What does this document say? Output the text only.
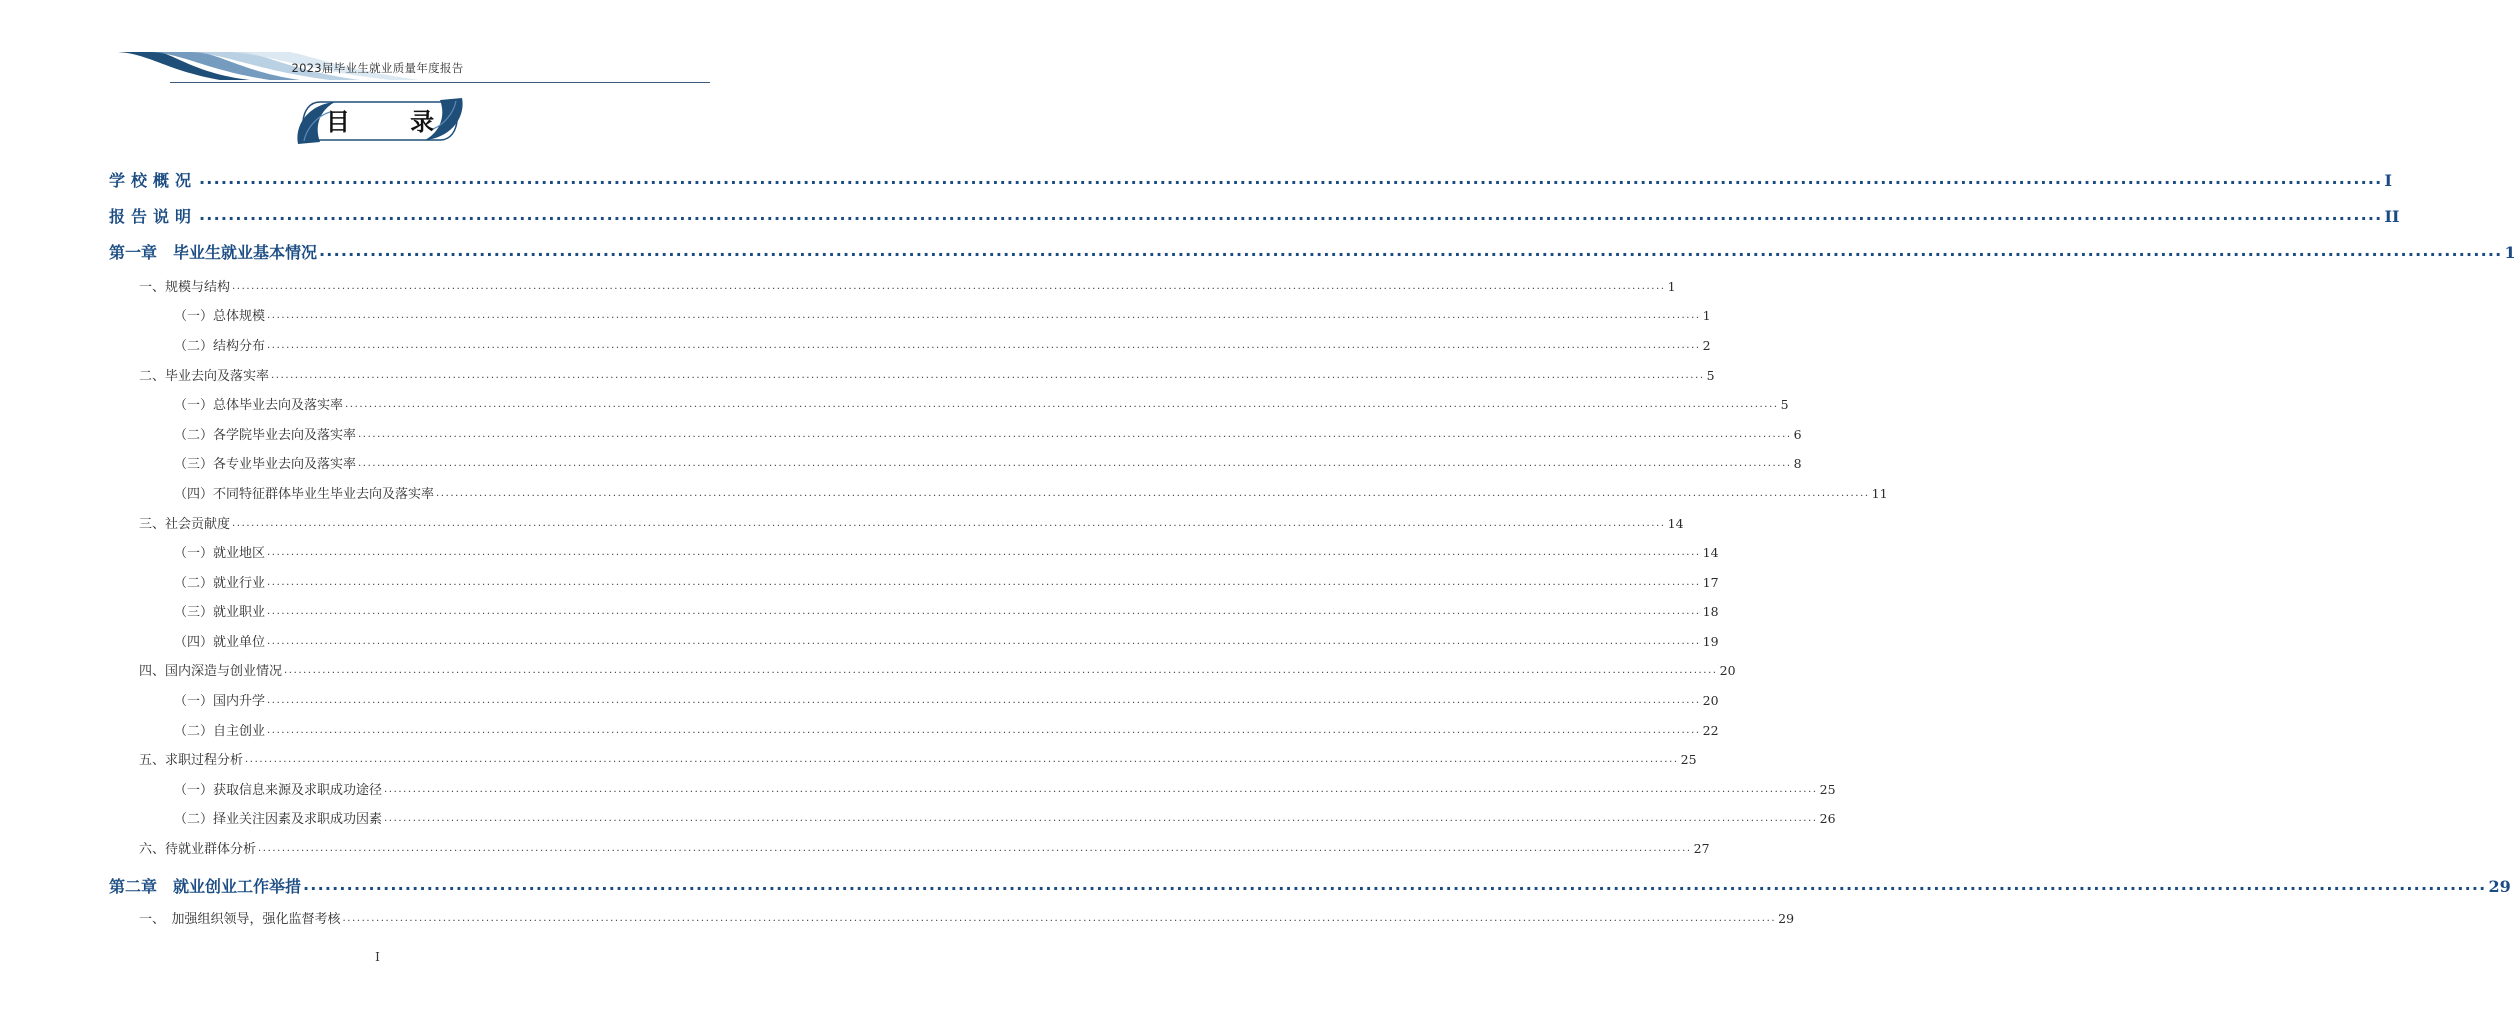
2023届毕业生就业质量年度报告
目 录
学校概况 ............................................................................................................................................................................................................................................................................................................ I
报告说明 ............................................................................................................................................................................................................................................................................................................ II
第一章　毕业生就业基本情况 ............................................................................................................................................................................................................................................................................................................ 1
一、规模与结构 ............................................................................................................................................................................................................................................................................................................ 1
（一）总体规模 ............................................................................................................................................................................................................................................................................................................ 1
（二）结构分布 ............................................................................................................................................................................................................................................................................................................ 2
二、毕业去向及落实率 ............................................................................................................................................................................................................................................................................................................ 5
（一）总体毕业去向及落实率 ............................................................................................................................................................................................................................................................................................................ 5
（二）各学院毕业去向及落实率 ............................................................................................................................................................................................................................................................................................................ 6
（三）各专业毕业去向及落实率 ............................................................................................................................................................................................................................................................................................................ 8
（四）不同特征群体毕业生毕业去向及落实率 ............................................................................................................................................................................................................................................................................................................ 11
三、社会贡献度 ............................................................................................................................................................................................................................................................................................................ 14
（一）就业地区 ............................................................................................................................................................................................................................................................................................................ 14
（二）就业行业 ............................................................................................................................................................................................................................................................................................................ 17
（三）就业职业 ............................................................................................................................................................................................................................................................................................................ 18
（四）就业单位 ............................................................................................................................................................................................................................................................................................................ 19
四、国内深造与创业情况 ............................................................................................................................................................................................................................................................................................................ 20
（一）国内升学 ............................................................................................................................................................................................................................................................................................................ 20
（二）自主创业 ............................................................................................................................................................................................................................................................................................................ 22
五、求职过程分析 ............................................................................................................................................................................................................................................................................................................ 25
（一）获取信息来源及求职成功途径 ............................................................................................................................................................................................................................................................................................................ 25
（二）择业关注因素及求职成功因素 ............................................................................................................................................................................................................................................................................................................ 26
六、待就业群体分析 ............................................................................................................................................................................................................................................................................................................ 27
第二章　就业创业工作举措 ............................................................................................................................................................................................................................................................................................................ 29
一、　加强组织领导，强化监督考核 ............................................................................................................................................................................................................................................................................................................ 29
I
